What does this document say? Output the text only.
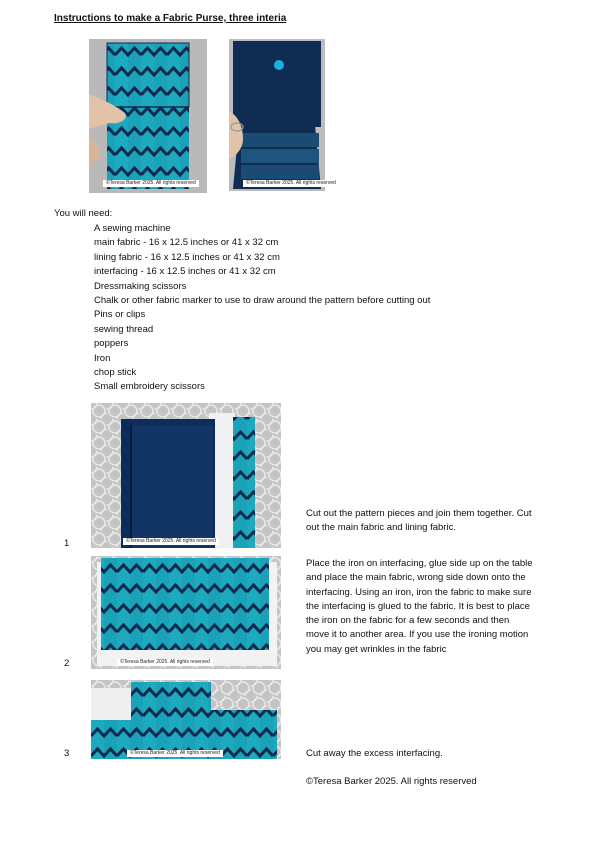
Instructions to make a Fabric Purse, three interia
©Teresa Barker 2025. All rights reserved	©Teresa Barker 2025. All rights reserved
You will need:
A sewing machine
main fabric - 16 x 12.5 inches or 41 x 32 cm
lining fabric - 16 x 12.5 inches or 41 x 32 cm
interfacing - 16 x 12.5 inches or 41 x 32 cm
Dressmaking scissors
Chalk or other fabric marker to use to draw around the pattern before cutting out
Pins or clips
sewing thread
poppers
Iron
chop stick
Small embroidery scissors
©Teresa Barker 2025. All rights reserved
1
Cut out the pattern pieces and join them together. Cut out the main fabric and lining fabric.
©Teresa Barker 2025. All rights reserved
2
Place the iron on interfacing, glue side up on the table and place the main fabric, wrong side down onto the interfacing. Using an iron, iron the fabric to make sure the interfacing is glued to the fabric. It is best to place the iron on the fabric for a few seconds and then move it to another area. If you use the ironing motion you may get wrinkles in the fabric
©Teresa Barker 2025. All rights reserved
3	Cut away the excess interfacing.
©Teresa Barker 2025. All rights reserved
